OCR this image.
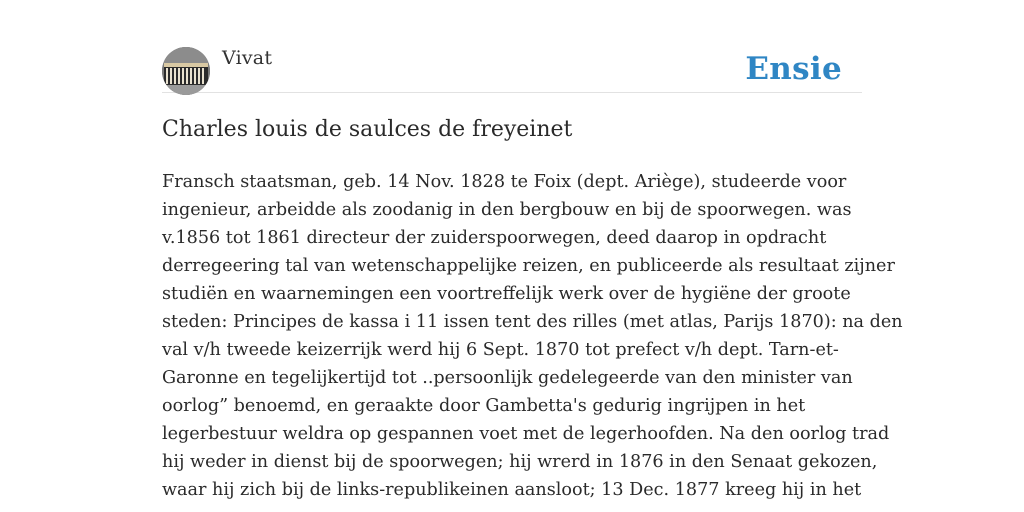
Vivat	Ensie
Charles louis de saulces de freyeinet
Fransch staatsman, geb. 14 Nov. 1828 te Foix (dept. Ariège), studeerde voor
ingenieur, arbeidde als zoodanig in den bergbouw en bij de spoorwegen. was
v.1856 tot 1861 directeur der zuiderspoorwegen, deed daarop in opdracht
derregeering tal van wetenschappelijke reizen, en publiceerde als resultaat zijner
studiën en waarnemingen een voortreffelijk werk over de hygiëne der groote
steden: Principes de kassa i 11 issen tent des rilles (met atlas, Parijs 1870): na den
val v/h tweede keizerrijk werd hij 6 Sept. 1870 tot prefect v/h dept. Tarn-et-
Garonne en tegelijkertijd tot ..persoonlijk gedelegeerde van den minister van
oorlog” benoemd, en geraakte door Gambetta's gedurig ingrijpen in het
legerbestuur weldra op gespannen voet met de legerhoofden. Na den oorlog trad
hij weder in dienst bij de spoorwegen; hij wrerd in 1876 in den Senaat gekozen,
waar hij zich bij de links-republikeinen aansloot; 13 Dec. 1877 kreeg hij in het
